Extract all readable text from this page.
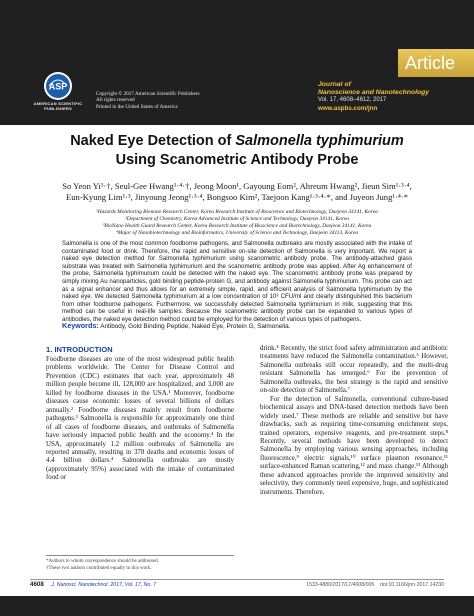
Article
ASP
AMERICAN SCIENTIFIC PUBLISHERS
Copyright © 2017 American Scientific Publishers
All rights reserved
Printed in the United States of America
Journal of
Nanoscience and Nanotechnology
Vol. 17, 4608–4612, 2017
www.aspbs.com/jnn
Naked Eye Detection of Salmonella typhimurium
Using Scanometric Antibody Probe
So Yeon Yi¹·†, Seul-Gee Hwang¹·⁴·†, Jeong Moon¹, Gayoung Eom², Ahreum Hwang², Jieun Sim¹·³·⁴,
Eun-Kyung Lim¹·³, Jinyoung Jeong¹·³·⁴, Bongsoo Kim², Taejoon Kang¹·³·⁴·*, and Juyeon Jung¹·⁴·*
¹Hazards Monitoring Bionano Research Center, Korea Research Institute of Bioscience and Biotechnology, Daejeon 34141, Korea
²Department of Chemistry, Korea Advanced Institute of Science and Technology, Daejeon 34141, Korea
³BioNano Health Guard Research Center, Korea Research Institute of Bioscience and Biotechnology, Daejeon 34141, Korea
⁴Major of Nanobiotechnology and Bioinformatics, University of Science and Technology, Daejeon 34113, Korea

Salmonella is one of the most common foodborne pathogens, and Salmonella outbreaks are mostly associated with the intake of contaminated food or drink. Therefore, the rapid and sensitive on-site detection of Salmonella is very important. We report a naked eye detection method for Salmonella typhimurium using scanometric antibody probe. The antibody-attached glass substrate was treated with Salmonella typhimurium and the scanometric antibody probe was applied. After Ag enhancement of the probe, Salmonella typhimurium could be detected with the naked eye. The scanometric antibody probe was prepared by simply mixing Au nanoparticles, gold binding peptide-protein G, and antibody against Salmonella typhimurium. This probe can act as a signal enhancer and thus allows for an extremely simple, rapid, and efficient analysis of Salmonella typhimurium by the naked eye. We detected Salmonella typhimurium at a low concentration of 10³ CFU/ml and clearly distinguished this bacterium from other foodborne pathogens. Furthermore, we successfully detected Salmonella typhimurium in milk, suggesting that this method can be useful in real-life samples. Because the scanometric antibody probe can be expanded to various types of antibodies, the naked eye detection method could be employed for the detection of various types of pathogens.

Keywords: Antibody, Gold Binding Peptide, Naked Eye, Protein G, Salmonella.
1. INTRODUCTION

Foodborne diseases are one of the most widespread public health problems worldwide. The Center for Disease Control and Prevention (CDC) estimates that each year, approximately 48 million people become ill, 128,000 are hospitalized, and 3,000 are killed by foodborne diseases in the USA.¹ Moreover, foodborne diseases cause economic losses of several billions of dollars annually.² Foodborne diseases mainly result from foodborne pathogens.³ Salmonella is responsible for approximately one third of all cases of foodborne diseases, and outbreaks of Salmonella have seriously impacted public health and the economy.⁴ In the USA, approximately 1.2 million outbreaks of Salmonella are reported annually, resulting in 378 deaths and economic losses of 4.4 billion dollars.⁴ Salmonella outbreaks are mostly (approximately 95%) associated with the intake of contaminated food or

drink.⁴ Recently, the strict food safety administration and antibiotic treatments have reduced the Salmonella contamination.⁵ However, Salmonella outbreaks still occur repeatedly, and the multi-drug resistant Salmonella has emerged.⁶ For the prevention of Salmonella outbreaks, the best strategy is the rapid and sensitive on-site detection of Salmonella.⁷

For the detection of Salmonella, conventional culture-based biochemical assays and DNA-based detection methods have been widely used.⁷ These methods are reliable and sensitive but have drawbacks, such as requiring time-consuming enrichment steps, trained operators, expensive reagents, and pre-treatment steps.⁸ Recently, several methods have been developed to detect Salmonella by employing various sensing approaches, including fluorescence,⁹ electric signals,¹⁰ surface plasmon resonance,¹¹ surface-enhanced Raman scattering,¹² and mass change.¹³ Although these advanced approaches provide the improved sensitivity and selectivity, they commonly need expensive, huge, and sophisticated instruments. Therefore,

*Authors to whom correspondence should be addressed.
†These two authors contributed equally to this work.
4608 J. Nanosci. Nanotechnol. 2017, Vol. 17, No. 7	1533-4880/2017/17/4608/005 doi:10.1166/jnn.2017.14230
